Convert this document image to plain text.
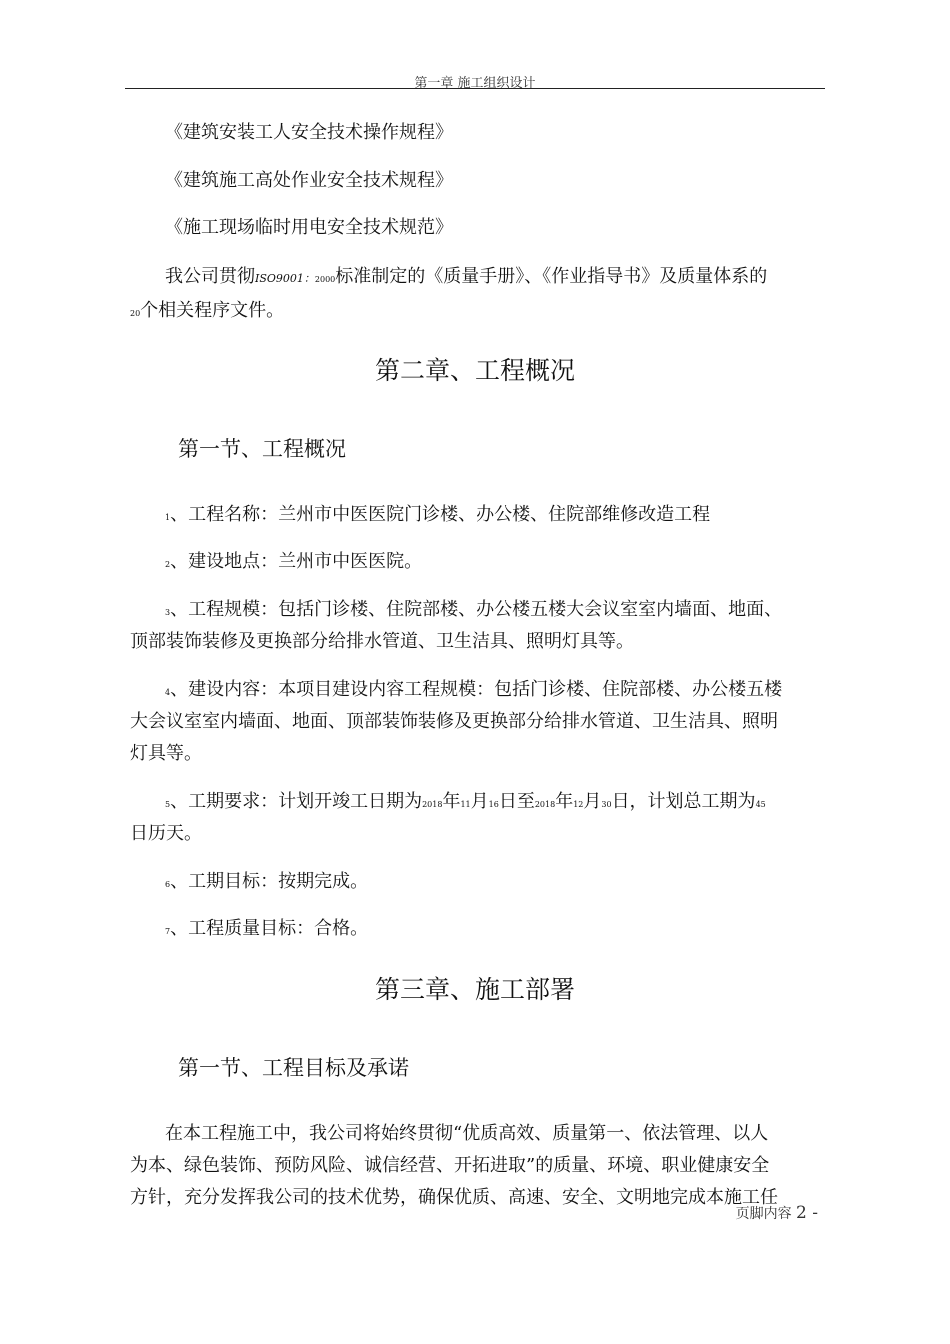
第一章 施工组织设计
《建筑安装工人安全技术操作规程》
《建筑施工高处作业安全技术规程》
《施工现场临时用电安全技术规范》
我公司贯彻ISO9001：2000标准制定的《质量手册》、《作业指导书》及质量体系的
20个相关程序文件。
第二章、工程概况
第一节、工程概况
1、工程名称：兰州市中医医院门诊楼、办公楼、住院部维修改造工程
2、建设地点：兰州市中医医院。
3、工程规模：包括门诊楼、住院部楼、办公楼五楼大会议室室内墙面、地面、
顶部装饰装修及更换部分给排水管道、卫生洁具、照明灯具等。
4、建设内容：本项目建设内容工程规模：包括门诊楼、住院部楼、办公楼五楼
大会议室室内墙面、地面、顶部装饰装修及更换部分给排水管道、卫生洁具、照明
灯具等。
5、工期要求：计划开竣工日期为2018年11月16日至2018年12月30日，计划总工期为45
日历天。
6、工期目标：按期完成。
7、工程质量目标：合格。
第三章、施工部署
第一节、工程目标及承诺
在本工程施工中，我公司将始终贯彻“优质高效、质量第一、依法管理、以人
为本、绿色装饰、预防风险、诚信经营、开拓进取”的质量、环境、职业健康安全
方针，充分发挥我公司的技术优势，确保优质、高速、安全、文明地完成本施工任
页脚内容 2 -
